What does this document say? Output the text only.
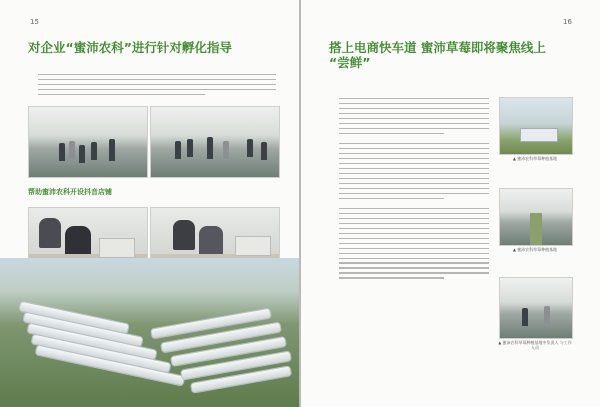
15
对企业“蜜沛农科”进行针对孵化指导
帮助蜜沛农科开设抖音店铺
16
搭上电商快车道 蜜沛草莓即将聚焦线上
“尝鲜”
▲ 蜜沛农科草莓种植基地
▲ 蜜沛农科草莓种植基地
▲ 蜜沛农科草莓种植基地中负责人 与工作人员
